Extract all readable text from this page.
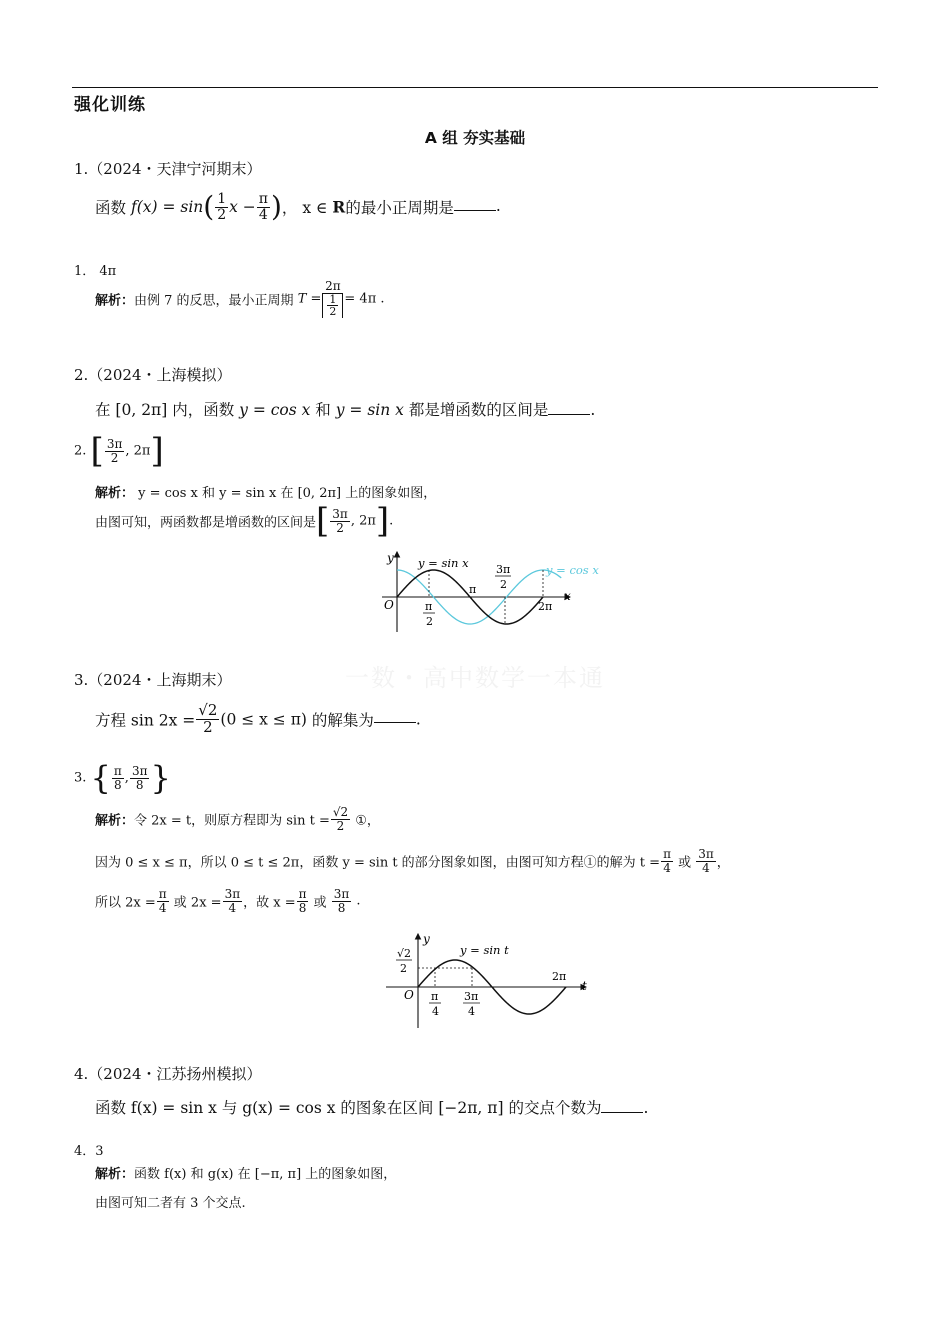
强化训练
A 组 夯实基础
一数・高中数学一本通
1.（2024・天津宁河期末）
函数 $f(x) = \sin( \frac{1}{2}$ $x - \frac{\pi}{4}$ )， x ∈ R的最小正周期是	.
1． 4π
解析：由例 7 的反思，最小正周期 $T = \frac{2\pi}{\frac{1}{2}} = 4\pi$ .
2.（2024・上海模拟）
在 [0, 2π] 内，函数 y = cos x 和 y = sin x 都是增函数的区间是	.
2. [ $\frac{3\pi}{2}$ , 2π]
解析： y = cos x 和 y = sin x 在 [0, 2π] 上的图象如图，
由图可知，两函数都是增函数的区间是[ $\frac{3\pi}{2}$ , 2π].
y
x
O
y = sin x	y = cos x
π
2π
π
2
3π
2
3.（2024・上海期末）
方程 $\sin 2x = \frac{√2}{2} (0 \le x \le \pi)$ 的解集为	.
3. { $\frac{\pi}{8}$ , $\frac{3\pi}{8}$ }
解析：令 2x = t，则原方程即为 $\sin t = \frac{√2}{2}$ ①，
因为 0 ≤ x ≤ π，所以 0 ≤ t ≤ 2π，函数 y = sin t 的部分图象如图，由图可知方程①的解为 $t = \frac{\pi}{4}$ 或 $\frac{3\pi}{4}$ ，
所以 $2x = \frac{\pi}{4}$ 或 $2x = \frac{3\pi}{4}$ ，故 $x = \frac{\pi}{8}$ 或 $\frac{3\pi}{8}$ .
y
t
O
y = sin t
√2
2
π
4
3π
4
2π
4.（2024・江苏扬州模拟）
函数 f(x) = sin x 与 g(x) = cos x 的图象在区间 [−2π, π] 的交点个数为	.
4．3
解析：函数 f(x) 和 g(x) 在 [−π, π] 上的图象如图，
由图可知二者有 3 个交点.
